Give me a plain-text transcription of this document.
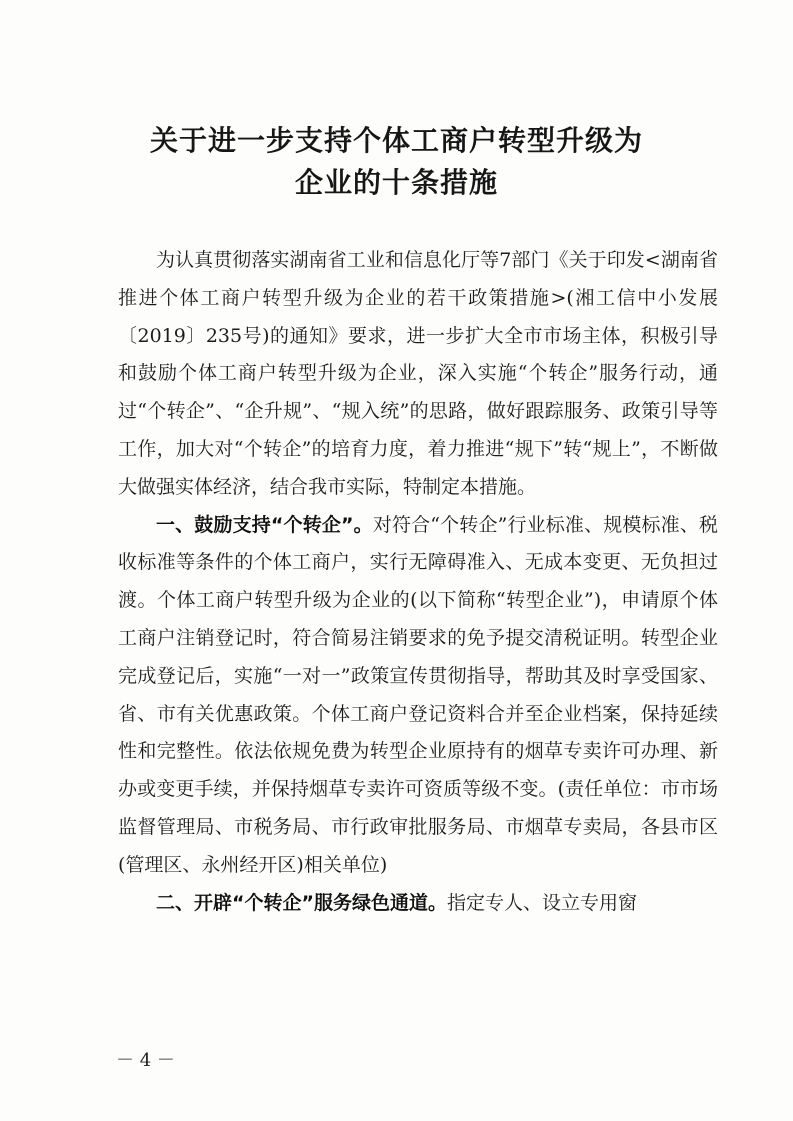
关于进一步支持个体工商户转型升级为
企业的十条措施

为认真贯彻落实湖南省工业和信息化厅等7部门《关于印发<湖南省推进个体工商户转型升级为企业的若干政策措施>(湘工信中小发展〔2019〕235号)的通知》要求，进一步扩大全市市场主体，积极引导和鼓励个体工商户转型升级为企业，深入实施“个转企”服务行动，通过“个转企”、“企升规”、“规入统”的思路，做好跟踪服务、政策引导等工作，加大对“个转企”的培育力度，着力推进“规下”转“规上”，不断做大做强实体经济，结合我市实际，特制定本措施。

一、鼓励支持“个转企”。对符合“个转企”行业标准、规模标准、税收标准等条件的个体工商户，实行无障碍准入、无成本变更、无负担过渡。个体工商户转型升级为企业的(以下简称“转型企业”)，申请原个体工商户注销登记时，符合简易注销要求的免予提交清税证明。转型企业完成登记后，实施“一对一”政策宣传贯彻指导，帮助其及时享受国家、省、市有关优惠政策。个体工商户登记资料合并至企业档案，保持延续性和完整性。依法依规免费为转型企业原持有的烟草专卖许可办理、新办或变更手续，并保持烟草专卖许可资质等级不变。(责任单位：市市场监督管理局、市税务局、市行政审批服务局、市烟草专卖局，各县市区(管理区、永州经开区)相关单位)

二、开辟“个转企”服务绿色通道。指定专人、设立专用窗

－ 4 －
